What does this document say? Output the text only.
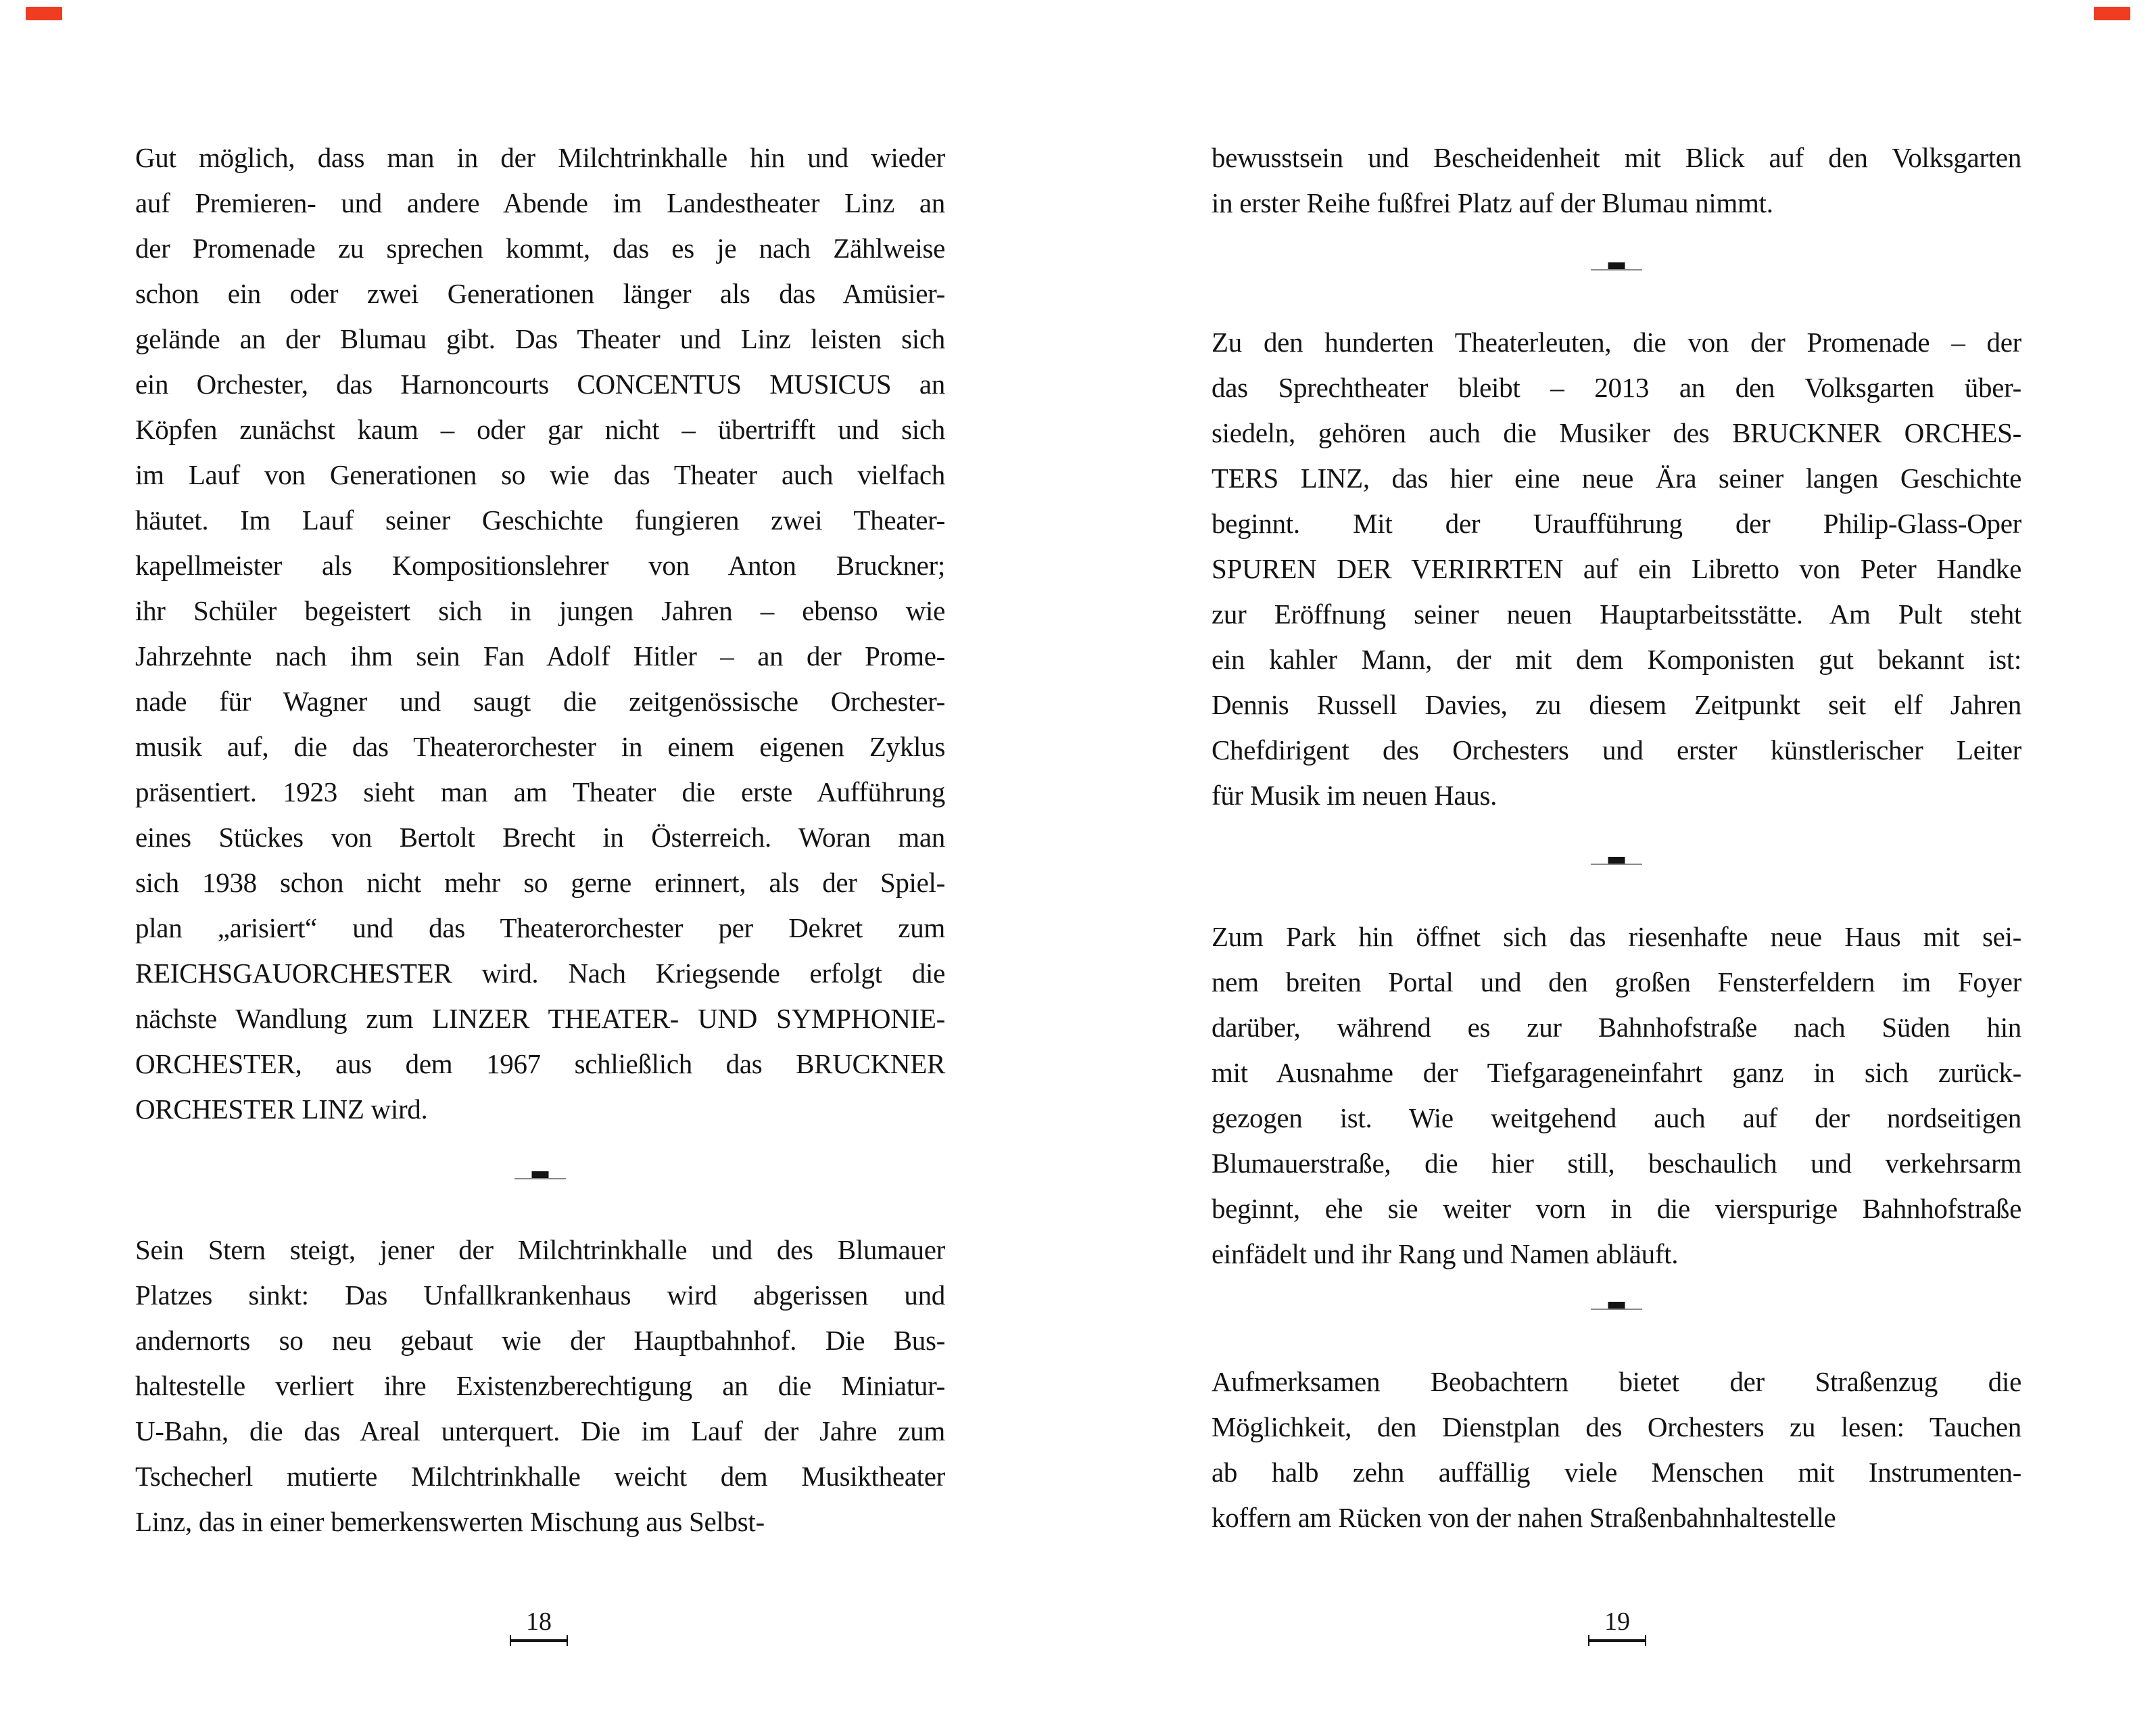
Gut möglich, dass man in der Milchtrinkhalle hin und wieder
auf Premieren- und andere Abende im Landestheater Linz an
der Promenade zu sprechen kommt, das es je nach Zählweise
schon ein oder zwei Generationen länger als das Amüsier-
gelände an der Blumau gibt. Das Theater und Linz leisten sich
ein Orchester, das Harnoncourts CONCENTUS MUSICUS an
Köpfen zunächst kaum – oder gar nicht – übertrifft und sich
im Lauf von Generationen so wie das Theater auch vielfach
häutet. Im Lauf seiner Geschichte fungieren zwei Theater-
kapellmeister als Kompositionslehrer von Anton Bruckner;
ihr Schüler begeistert sich in jungen Jahren – ebenso wie
Jahrzehnte nach ihm sein Fan Adolf Hitler – an der Prome-
nade für Wagner und saugt die zeitgenössische Orchester-
musik auf, die das Theaterorchester in einem eigenen Zyklus
präsentiert. 1923 sieht man am Theater die erste Aufführung
eines Stückes von Bertolt Brecht in Österreich. Woran man
sich 1938 schon nicht mehr so gerne erinnert, als der Spiel-
plan „arisiert“ und das Theaterorchester per Dekret zum
REICHSGAUORCHESTER wird. Nach Kriegsende erfolgt die
nächste Wandlung zum LINZER THEATER- UND SYMPHONIE-
ORCHESTER, aus dem 1967 schließlich das BRUCKNER
ORCHESTER LINZ wird.
Sein Stern steigt, jener der Milchtrinkhalle und des Blumauer
Platzes sinkt: Das Unfallkrankenhaus wird abgerissen und
andernorts so neu gebaut wie der Hauptbahnhof. Die Bus-
haltestelle verliert ihre Existenzberechtigung an die Miniatur-
U-Bahn, die das Areal unterquert. Die im Lauf der Jahre zum
Tschecherl mutierte Milchtrinkhalle weicht dem Musiktheater
Linz, das in einer bemerkenswerten Mischung aus Selbst-
18
bewusstsein und Bescheidenheit mit Blick auf den Volksgarten
in erster Reihe fußfrei Platz auf der Blumau nimmt.
Zu den hunderten Theaterleuten, die von der Promenade – der
das Sprechtheater bleibt – 2013 an den Volksgarten über-
siedeln, gehören auch die Musiker des BRUCKNER ORCHES-
TERS LINZ, das hier eine neue Ära seiner langen Geschichte
beginnt. Mit der Uraufführung der Philip-Glass-Oper
SPUREN DER VERIRRTEN auf ein Libretto von Peter Handke
zur Eröffnung seiner neuen Hauptarbeitsstätte. Am Pult steht
ein kahler Mann, der mit dem Komponisten gut bekannt ist:
Dennis Russell Davies, zu diesem Zeitpunkt seit elf Jahren
Chefdirigent des Orchesters und erster künstlerischer Leiter
für Musik im neuen Haus.
Zum Park hin öffnet sich das riesenhafte neue Haus mit sei-
nem breiten Portal und den großen Fensterfeldern im Foyer
darüber, während es zur Bahnhofstraße nach Süden hin
mit Ausnahme der Tiefgarageneinfahrt ganz in sich zurück-
gezogen ist. Wie weitgehend auch auf der nordseitigen
Blumauerstraße, die hier still, beschaulich und verkehrsarm
beginnt, ehe sie weiter vorn in die vierspurige Bahnhofstraße
einfädelt und ihr Rang und Namen abläuft.
Aufmerksamen Beobachtern bietet der Straßenzug die
Möglichkeit, den Dienstplan des Orchesters zu lesen: Tauchen
ab halb zehn auffällig viele Menschen mit Instrumenten-
koffern am Rücken von der nahen Straßenbahnhaltestelle
19
